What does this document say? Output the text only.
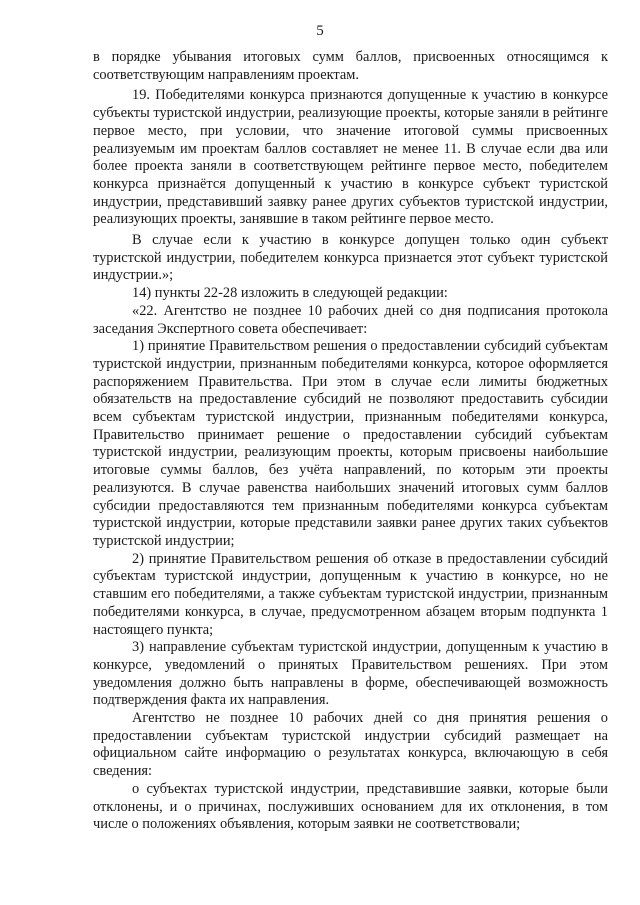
5

в порядке убывания итоговых сумм баллов, присвоенных относящимся к соответствующим направлениям проектам.

19. Победителями конкурса признаются допущенные к участию в конкурсе субъекты туристской индустрии, реализующие проекты, которые заняли в рейтинге первое место, при условии, что значение итоговой суммы присвоенных реализуемым им проектам баллов составляет не менее 11. В случае если два или более проекта заняли в соответствующем рейтинге первое место, победителем конкурса признаётся допущенный к участию в конкурсе субъект туристской индустрии, представивший заявку ранее других субъектов туристской индустрии, реализующих проекты, занявшие в таком рейтинге первое место.

В случае если к участию в конкурсе допущен только один субъект туристской индустрии, победителем конкурса признается этот субъект туристской индустрии.»;

14) пункты 22-28 изложить в следующей редакции:

«22. Агентство не позднее 10 рабочих дней со дня подписания протокола заседания Экспертного совета обеспечивает:

1) принятие Правительством решения о предоставлении субсидий субъектам туристской индустрии, признанным победителями конкурса, которое оформляется распоряжением Правительства. При этом в случае если лимиты бюджетных обязательств на предоставление субсидий не позволяют предоставить субсидии всем субъектам туристской индустрии, признанным победителями конкурса, Правительство принимает решение о предоставлении субсидий субъектам туристской индустрии, реализующим проекты, которым присвоены наибольшие итоговые суммы баллов, без учёта направлений, по которым эти проекты реализуются. В случае равенства наибольших значений итоговых сумм баллов субсидии предоставляются тем признанным победителями конкурса субъектам туристской индустрии, которые представили заявки ранее других таких субъектов туристской индустрии;

2) принятие Правительством решения об отказе в предоставлении субсидий субъектам туристской индустрии, допущенным к участию в конкурсе, но не ставшим его победителями, а также субъектам туристской индустрии, признанным победителями конкурса, в случае, предусмотренном абзацем вторым подпункта 1 настоящего пункта;

3) направление субъектам туристской индустрии, допущенным к участию в конкурсе, уведомлений о принятых Правительством решениях. При этом уведомления должно быть направлены в форме, обеспечивающей возможность подтверждения факта их направления.

Агентство не позднее 10 рабочих дней со дня принятия решения о предоставлении субъектам туристской индустрии субсидий размещает на официальном сайте информацию о результатах конкурса, включающую в себя сведения:

о субъектах туристской индустрии, представившие заявки, которые были отклонены, и о причинах, послуживших основанием для их отклонения, в том числе о положениях объявления, которым заявки не соответствовали;
